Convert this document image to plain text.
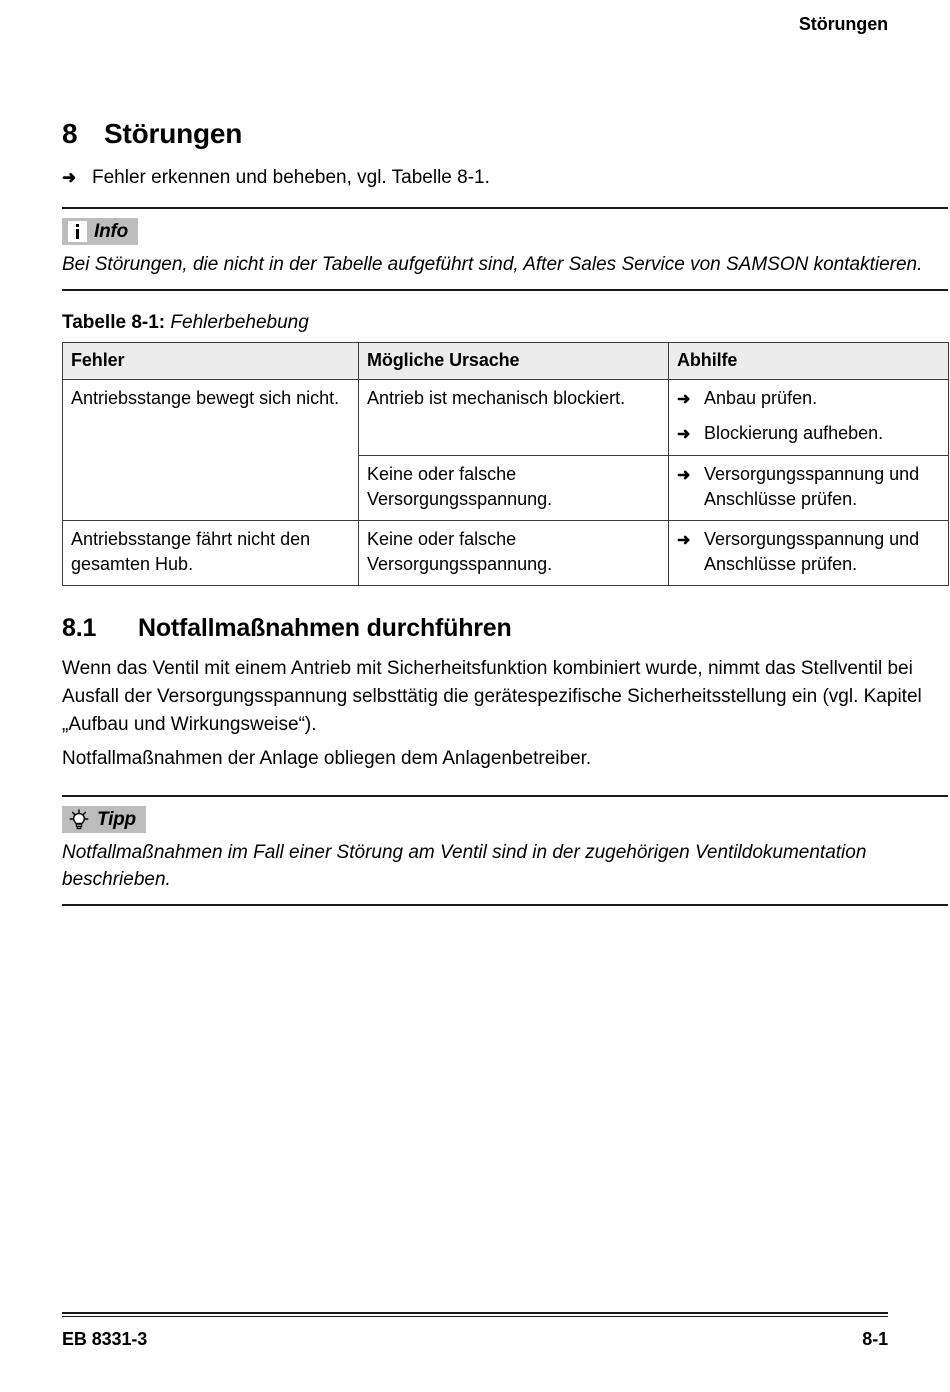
Störungen
8 Störungen
➜ Fehler erkennen und beheben, vgl. Tabelle 8-1.
Info
Bei Störungen, die nicht in der Tabelle aufgeführt sind, After Sales Service von SAMSON kontaktieren.
Tabelle 8-1: Fehlerbehebung
Fehler	Mögliche Ursache	Abhilfe
Antriebsstange bewegt sich nicht.	Antrieb ist mechanisch blockiert.	➜ Anbau prüfen.
➜ Blockierung aufheben.

	Keine oder falsche Versorgungsspannung.	➜ Versorgungsspannung und Anschlüsse prüfen.

Antriebsstange fährt nicht den gesamten Hub.	Keine oder falsche Versorgungsspannung.	➜ Versorgungsspannung und Anschlüsse prüfen.
8.1	Notfallmaßnahmen durchführen

Wenn das Ventil mit einem Antrieb mit Sicherheitsfunktion kombiniert wurde, nimmt das Stellventil bei Ausfall der Versorgungsspannung selbsttätig die gerätespezifische Sicherheitsstellung ein (vgl. Kapitel „Aufbau und Wirkungsweise“).

Notfallmaßnahmen der Anlage obliegen dem Anlagenbetreiber.

Tipp
Notfallmaßnahmen im Fall einer Störung am Ventil sind in der zugehörigen Ventildokumentation beschrieben.
EB 8331-3	8-1
